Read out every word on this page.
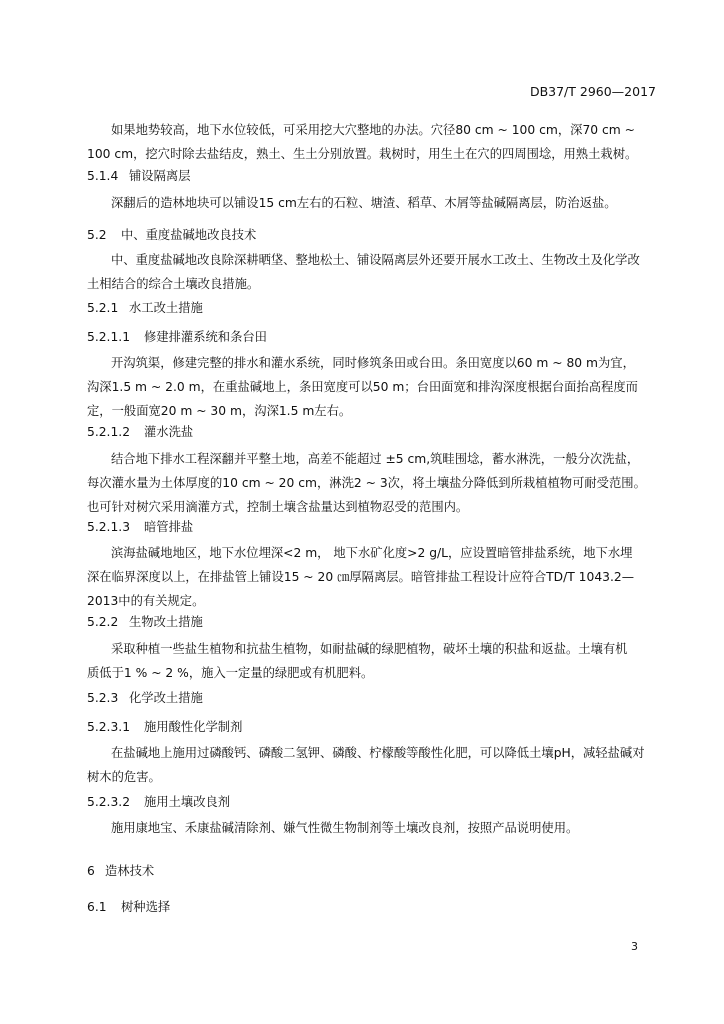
DB37/T 2960—2017
如果地势较高，地下水位较低，可采用挖大穴整地的办法。穴径80 cm ~ 100 cm，深70 cm ~
100 cm，挖穴时除去盐结皮，熟土、生土分别放置。栽树时，用生土在穴的四周围埝，用熟土栽树。
5.1.4 铺设隔离层
深翻后的造林地块可以铺设15 cm左右的石粒、塘渣、稻草、木屑等盐碱隔离层，防治返盐。
5.2 中、重度盐碱地改良技术
中、重度盐碱地改良除深耕晒垡、整地松土、铺设隔离层外还要开展水工改土、生物改土及化学改
土相结合的综合土壤改良措施。
5.2.1 水工改土措施
5.2.1.1 修建排灌系统和条台田
开沟筑渠，修建完整的排水和灌水系统，同时修筑条田或台田。条田宽度以60 m ~ 80 m为宜，
沟深1.5 m ~ 2.0 m，在重盐碱地上，条田宽度可以50 m；台田面宽和排沟深度根据台面抬高程度而
定，一般面宽20 m ~ 30 m，沟深1.5 m左右。
5.2.1.2 灌水洗盐
结合地下排水工程深翻并平整土地，高差不能超过 ±5 cm,筑畦围埝，蓄水淋洗，一般分次洗盐，
每次灌水量为土体厚度的10 cm ~ 20 cm，淋洗2 ~ 3次，将土壤盐分降低到所栽植植物可耐受范围。
也可针对树穴采用滴灌方式，控制土壤含盐量达到植物忍受的范围内。
5.2.1.3 暗管排盐
滨海盐碱地地区，地下水位埋深<2 m， 地下水矿化度>2 g/L，应设置暗管排盐系统，地下水埋
深在临界深度以上，在排盐管上铺设15 ~ 20 ㎝厚隔离层。暗管排盐工程设计应符合TD/T 1043.2—
2013中的有关规定。
5.2.2 生物改土措施
采取种植一些盐生植物和抗盐生植物，如耐盐碱的绿肥植物，破坏土壤的积盐和返盐。土壤有机
质低于1 % ~ 2 %，施入一定量的绿肥或有机肥料。
5.2.3 化学改土措施
5.2.3.1 施用酸性化学制剂
在盐碱地上施用过磷酸钙、磷酸二氢钾、磷酸、柠檬酸等酸性化肥，可以降低土壤pH，减轻盐碱对
树木的危害。
5.2.3.2 施用土壤改良剂
施用康地宝、禾康盐碱清除剂、嫌气性微生物制剂等土壤改良剂，按照产品说明使用。
6 造林技术
6.1 树种选择
3
